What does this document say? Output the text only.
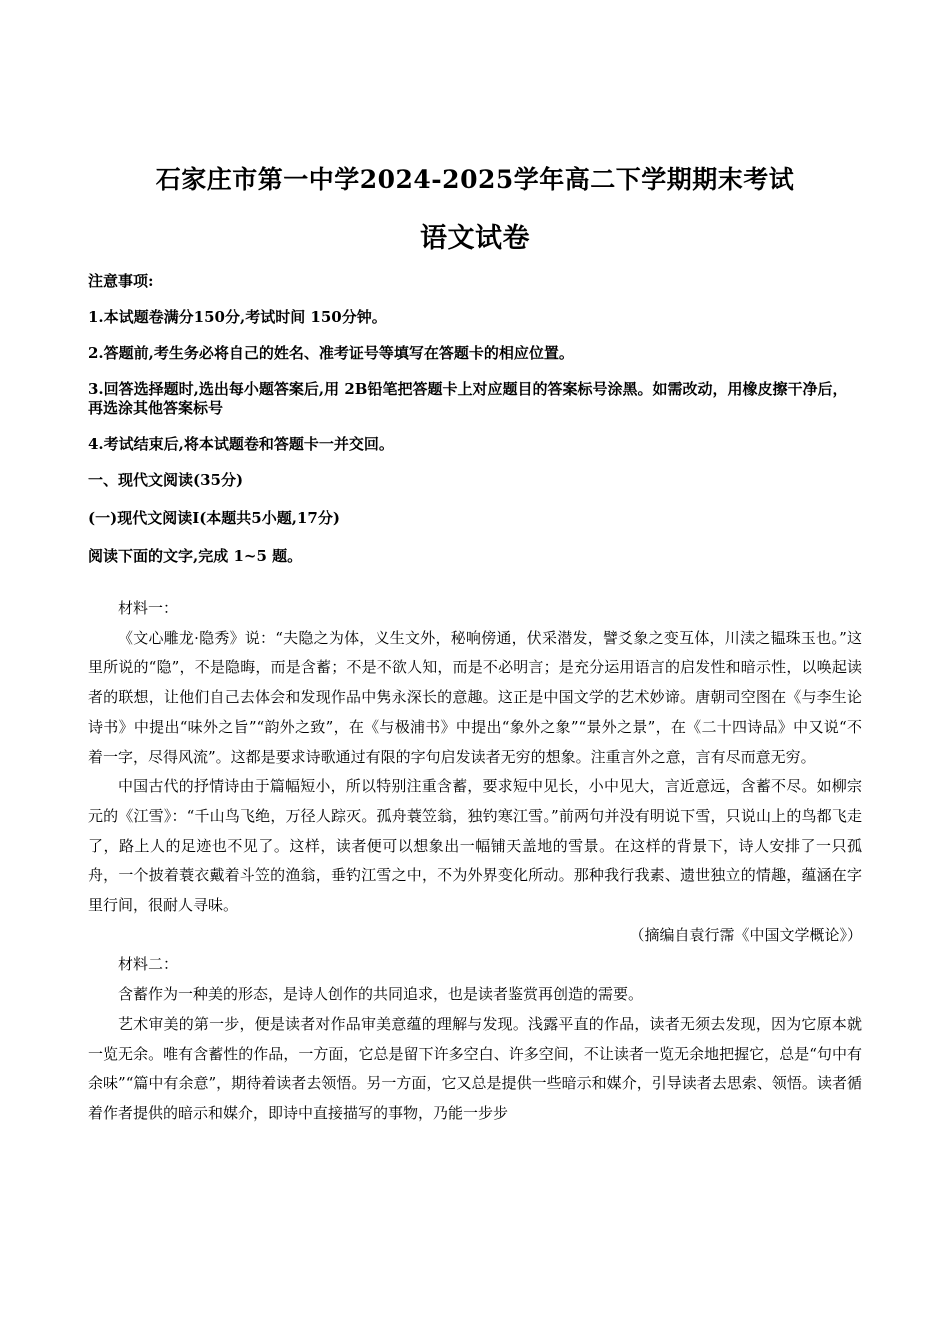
石家庄市第一中学2024-2025学年高二下学期期末考试
语文试卷
注意事项:
1.本试题卷满分150分,考试时间 150分钟。
2.答题前,考生务必将自己的姓名、准考证号等填写在答题卡的相应位置。
3.回答选择题时,选出每小题答案后,用 2B铅笔把答题卡上对应题目的答案标号涂黑。如需改动，用橡皮擦干净后，再选涂其他答案标号
4.考试结束后,将本试题卷和答题卡一并交回。
一、现代文阅读(35分)
(一)现代文阅读Ⅰ(本题共5小题,17分)
阅读下面的文字,完成 1~5 题。

材料一：

《文心雕龙·隐秀》说：“夫隐之为体，义生文外，秘响傍通，伏采潜发，譬爻象之变互体，川渎之韫珠玉也。”这里所说的“隐”，不是隐晦，而是含蓄；不是不欲人知，而是不必明言；是充分运用语言的启发性和暗示性，以唤起读者的联想，让他们自己去体会和发现作品中隽永深长的意趣。这正是中国文学的艺术妙谛。唐朝司空图在《与李生论诗书》中提出“味外之旨”“韵外之致”，在《与极浦书》中提出“象外之象”“景外之景”，在《二十四诗品》中又说“不着一字，尽得风流”。这都是要求诗歌通过有限的字句启发读者无穷的想象。注重言外之意，言有尽而意无穷。

中国古代的抒情诗由于篇幅短小，所以特别注重含蓄，要求短中见长，小中见大，言近意远，含蓄不尽。如柳宗元的《江雪》：“千山鸟飞绝，万径人踪灭。孤舟蓑笠翁，独钓寒江雪。”前两句并没有明说下雪，只说山上的鸟都飞走了，路上人的足迹也不见了。这样，读者便可以想象出一幅铺天盖地的雪景。在这样的背景下，诗人安排了一只孤舟，一个披着蓑衣戴着斗笠的渔翁，垂钓江雪之中，不为外界变化所动。那种我行我素、遗世独立的情趣，蕴涵在字里行间，很耐人寻味。

（摘编自袁行霈《中国文学概论》）

材料二：

含蓄作为一种美的形态，是诗人创作的共同追求，也是读者鉴赏再创造的需要。

艺术审美的第一步，便是读者对作品审美意蕴的理解与发现。浅露平直的作品，读者无须去发现，因为它原本就一览无余。唯有含蓄性的作品，一方面，它总是留下许多空白、许多空间，不让读者一览无余地把握它，总是“句中有余味”“篇中有余意”，期待着读者去领悟。另一方面，它又总是提供一些暗示和媒介，引导读者去思索、领悟。读者循着作者提供的暗示和媒介，即诗中直接描写的事物，乃能一步步
